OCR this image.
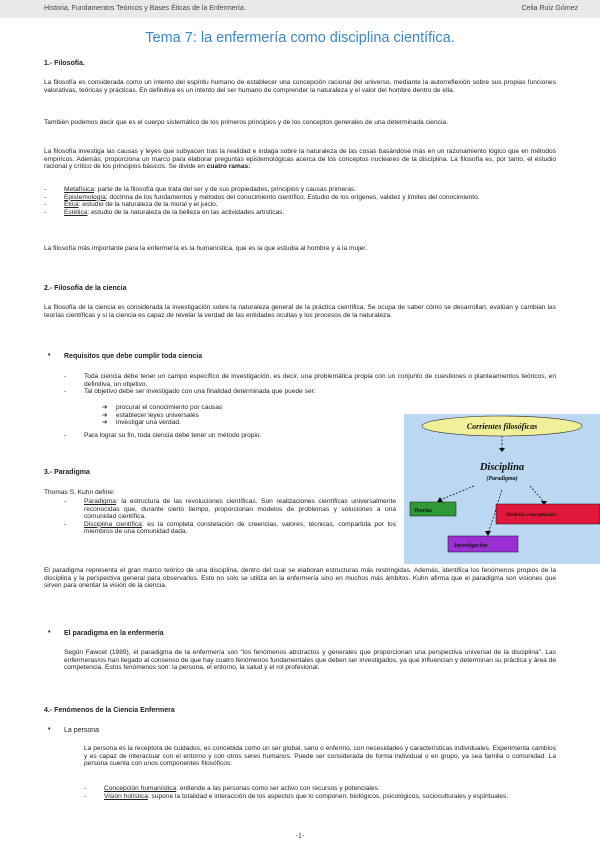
Historia, Fundamentos Teóricos y Bases Éticas de la Enfermería.	Celia Ruiz Gómez
Tema 7: la enfermería como disciplina científica.
1.- Filosofía.
La filosofía es considerada como un intento del espíritu humano de establecer una concepción racional del universo, mediante la autorreflexión sobre sus propias funciones valorativas, teóricas y prácticas. En definitiva es un intento del ser humano de comprender la naturaleza y el valor del hombre dentro de ella.
También podemos decir que es el cuerpo sistemático de los primeros principios y de los conceptos generales de una determinada ciencia.
La filosofía investiga las causas y leyes que subyacen tras la realidad e indaga sobre la naturaleza de las cosas basándose más en un razonamiento lógico que en métodos empíricos. Además, proporciona un marco para elaborar preguntas epistemológicas acerca de los conceptos nucleares de la disciplina. La filosofía es, por tanto, el estudio racional y crítico de los principios básicos. Se divide en cuatro ramas:
-	Metafísica: parte de la filosofía que trata del ser y de sus propiedades, principios y causas primeras.
-	Epistemología: doctrina de los fundamentos y métodos del conocimiento científico. Estudio de los orígenes, validez y límites del conocimiento.
-	Ética: estudio de la naturaleza de la moral y el juicio.
-	Estética: estudio de la naturaleza de la belleza en las actividades artísticas.
La filosofía más importante para la enfermería es la humanística, que es la que estudia al hombre y a la mujer.
2.- Filosofía de la ciencia
La filosofía de la ciencia es considerada la investigación sobre la naturaleza general de la práctica científica. Se ocupa de saber cómo se desarrollan, evalúan y cambian las teorías científicas y si la ciencia es capaz de revelar la verdad de las entidades ocultas y los procesos de la naturaleza.
• Requisitos que debe cumplir toda ciencia
-	Toda ciencia debe tener un campo específico de investigación, es decir, una problemática propia con un conjunto de cuestiones o planteamientos teóricos, en definitiva, un objetivo.
-	Tal objetivo debe ser investigado con una finalidad determinada que puede ser:
➔ procurar el conocimiento por causas
➔ establecer leyes universales
➔ investigar una verdad.
-	Para lograr su fin, toda ciencia debe tener un método propio.
Corrientes filosóficas
Disciplina
(Paradigma)
Teorías
Modelos conceptuales
Investigación
3.- Paradigma
Thomas S. Kuhn define:
-	Paradigma: la estructura de las revoluciones científicas. Son realizaciones científicas universalmente reconocidas que, durante cierto tiempo, proporcionan modelos de problemas y soluciones a una comunidad científica.
-	Disciplina científica: es la completa constelación de creencias, valores, técnicas, compartida por los miembros de una comunidad dada.
El paradigma representa el gran marco teórico de una disciplina, dentro del cual se elaboran estructuras más restringidas. Además, identifica los fenómenos propios de la disciplina y la perspectiva general para observarlos. Esto no solo se utiliza en la enfermería sino en muchos más ámbitos. Kuhn afirma que el paradigma son visiones que sirven para orientar la visión de la ciencia.
• El paradigma en la enfermería
Según Fawcet (1989), el paradigma de la enfermería son “los fenómenos abstractos y generales que proporcionan una perspectiva universal de la disciplina”. Las enfermeras/os han llegado al consenso de que hay cuatro fenómenos fundamentales que deben ser investigados, ya que influencian y determinan su práctica y área de competencia. Estos fenómenos son: la persona, el entorno, la salud y el rol profesional.
4.- Fenómenos de la Ciencia Enfermera
• La persona
La persona es la receptora de cuidados, es concebida como un ser global, sano o enfermo, con necesidades y características individuales. Experimenta cambios y es capaz de interactuar con el entorno y con otros seres humanos. Puede ser considerada de forma individual o en grupo, ya sea familia o comunidad. La persona cuenta con unos componentes filosóficos:
-	Concepción humanística: entiende a las personas como ser activo con recursos y potenciales.
-	Visión holística: supone la totalidad e interacción de los aspectos que lo componen: biológicos, psicológicos, socioculturales y espirituales.
-1-
